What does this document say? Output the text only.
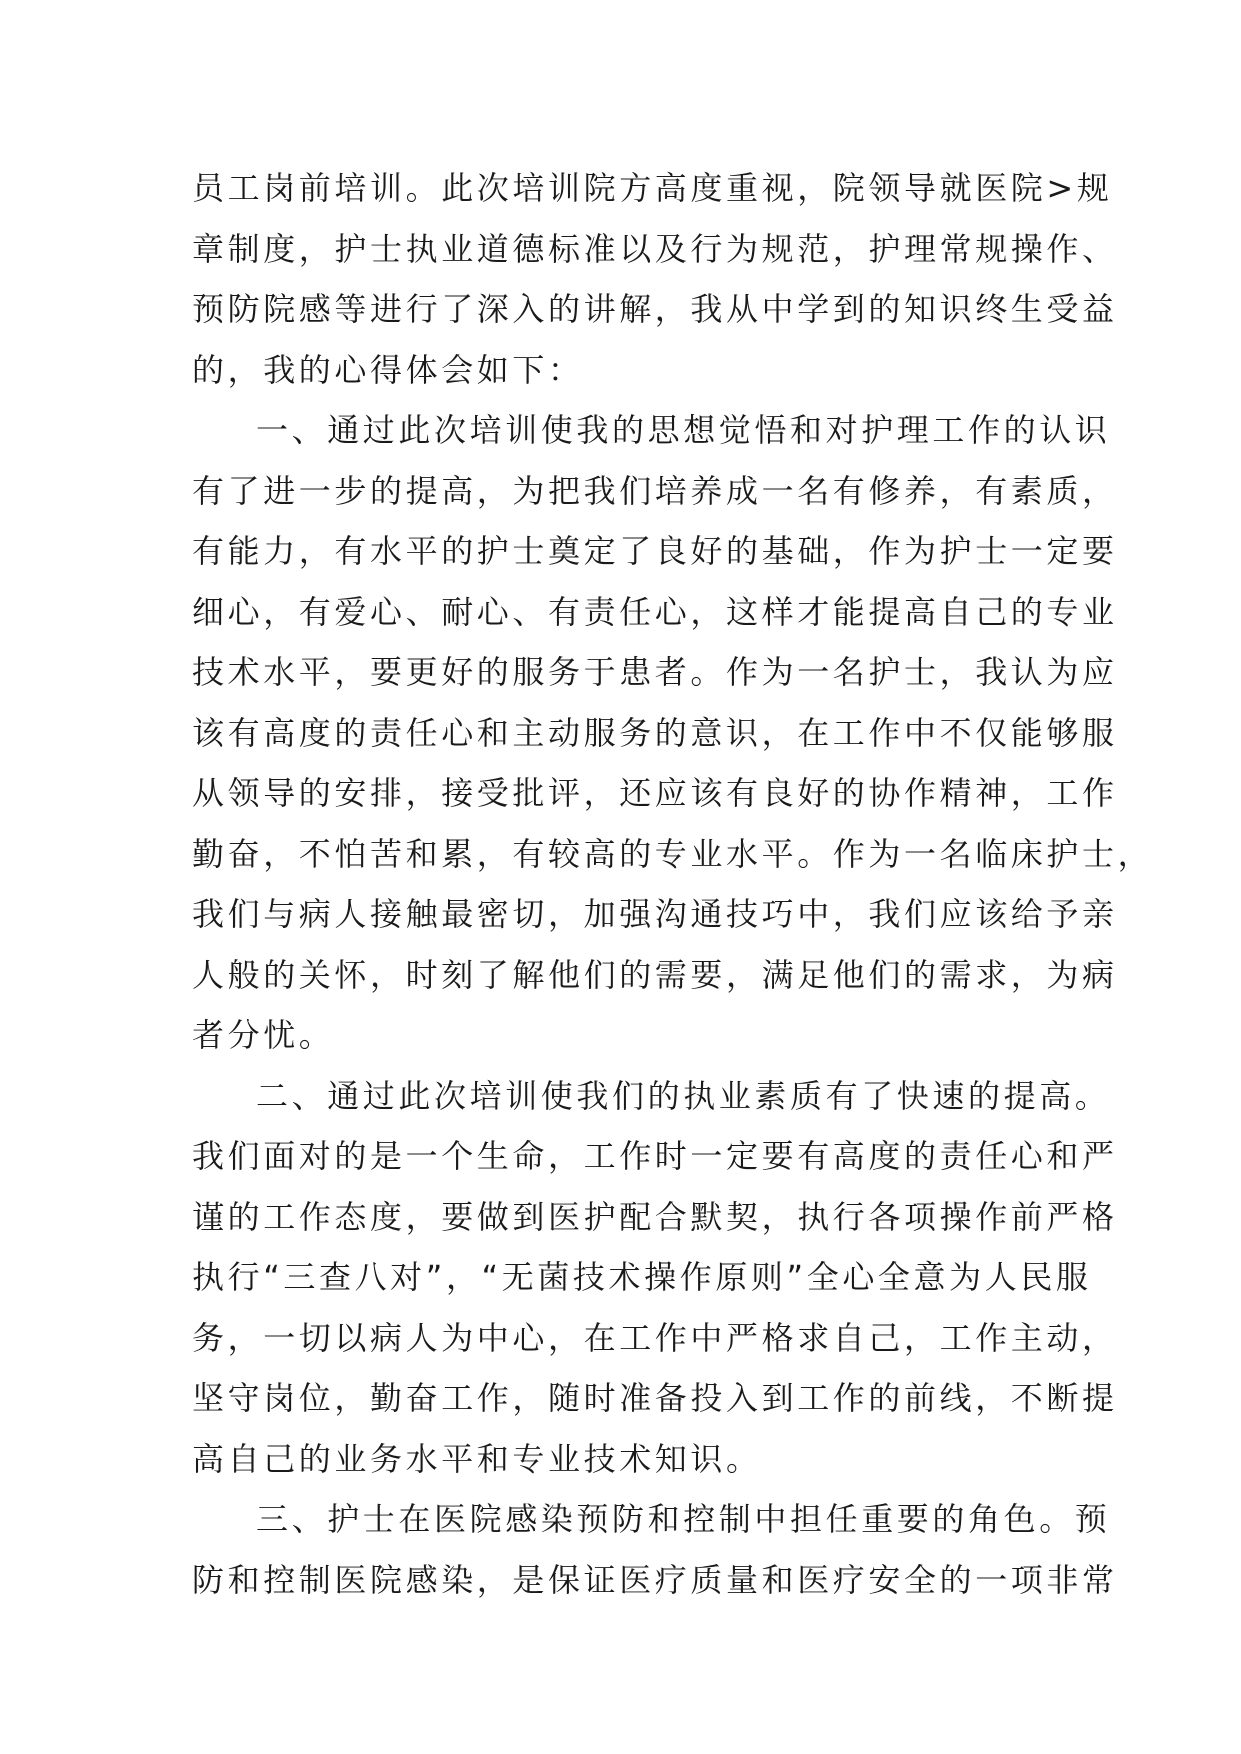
员工岗前培训。此次培训院方高度重视，院领导就医院>规
章制度，护士执业道德标准以及行为规范，护理常规操作、
预防院感等进行了深入的讲解，我从中学到的知识终生受益
的，我的心得体会如下：
一、通过此次培训使我的思想觉悟和对护理工作的认识
有了进一步的提高，为把我们培养成一名有修养，有素质，
有能力，有水平的护士奠定了良好的基础，作为护士一定要
细心，有爱心、耐心、有责任心，这样才能提高自己的专业
技术水平，要更好的服务于患者。作为一名护士，我认为应
该有高度的责任心和主动服务的意识，在工作中不仅能够服
从领导的安排，接受批评，还应该有良好的协作精神，工作
勤奋，不怕苦和累，有较高的专业水平。作为一名临床护士，
我们与病人接触最密切，加强沟通技巧中，我们应该给予亲
人般的关怀，时刻了解他们的需要，满足他们的需求，为病
者分忧。
二、通过此次培训使我们的执业素质有了快速的提高。
我们面对的是一个生命，工作时一定要有高度的责任心和严
谨的工作态度，要做到医护配合默契，执行各项操作前严格
执行“三查八对”，“无菌技术操作原则”全心全意为人民服
务，一切以病人为中心，在工作中严格求自己，工作主动，
坚守岗位，勤奋工作，随时准备投入到工作的前线，不断提
高自己的业务水平和专业技术知识。
三、护士在医院感染预防和控制中担任重要的角色。预
防和控制医院感染，是保证医疗质量和医疗安全的一项非常
